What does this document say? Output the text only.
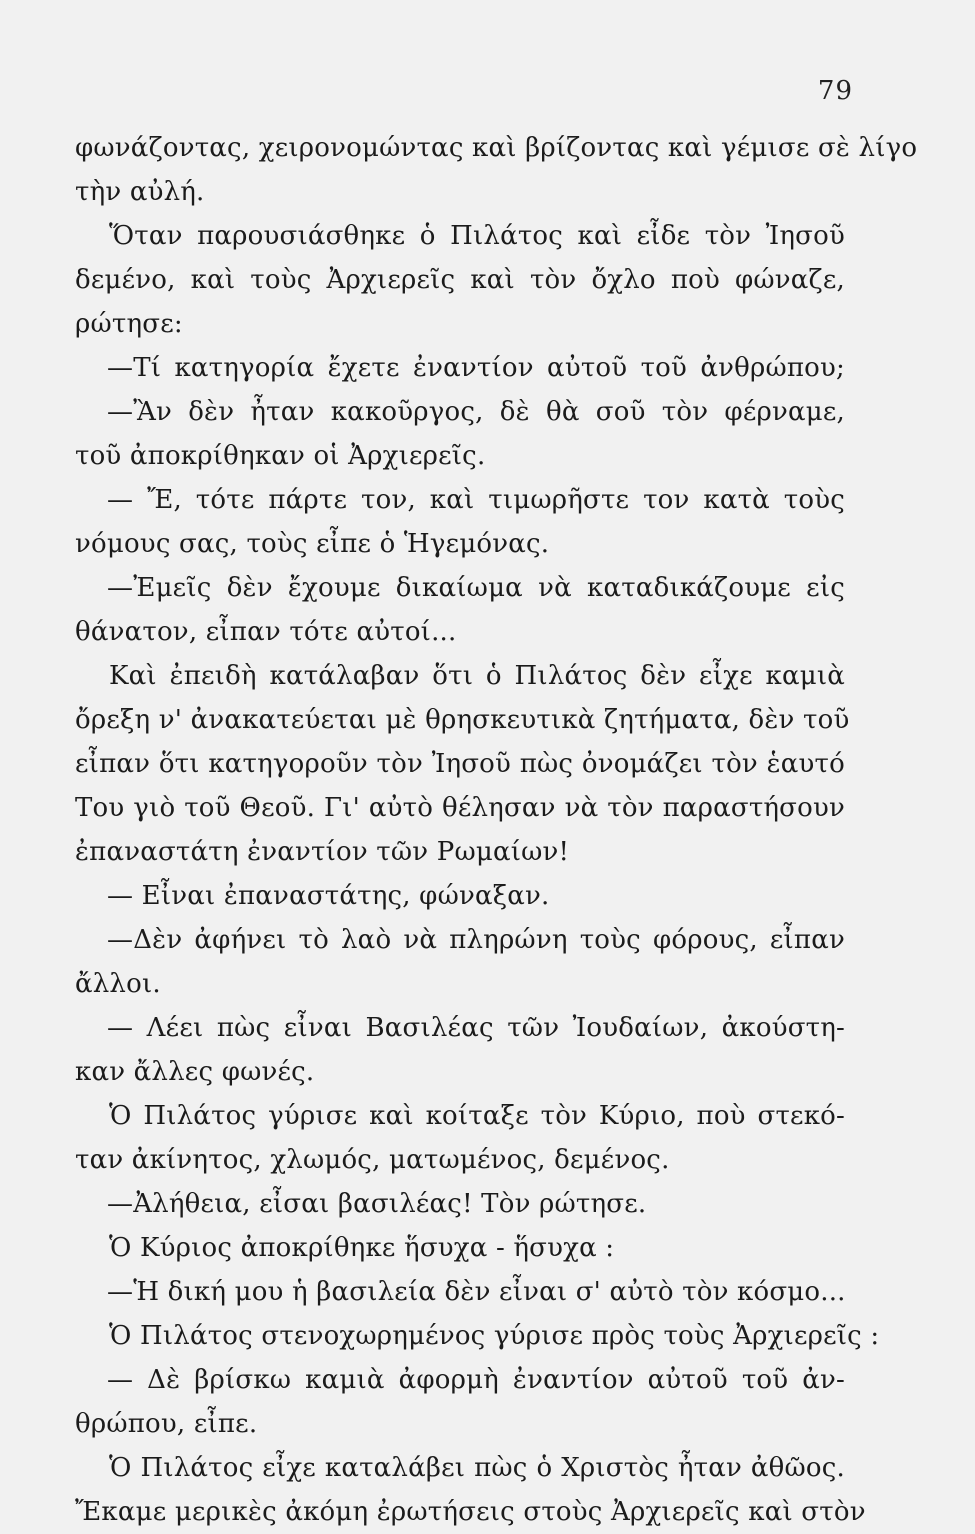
79
φωνάζοντας, χειρονομώντας καὶ βρίζοντας καὶ γέμισε σὲ λίγο
τὴν αὐλή.
Ὅταν παρουσιάσθηκε ὁ Πιλάτος καὶ εἶδε τὸν Ἰησοῦ
δεμένο, καὶ τοὺς Ἀρχιερεῖς καὶ τὸν ὄχλο ποὺ φώναζε,
ρώτησε:
—Τί κατηγορία ἔχετε ἐναντίον αὐτοῦ τοῦ ἀνθρώπου;
—Ἂν δὲν ἦταν κακοῦργος, δὲ θὰ σοῦ τὸν φέρναμε,
τοῦ ἀποκρίθηκαν οἱ Ἀρχιερεῖς.
— Ἔ, τότε πάρτε τον, καὶ τιμωρῆστε τον κατὰ τοὺς
νόμους σας, τοὺς εἶπε ὁ Ἡγεμόνας.
—Ἐμεῖς δὲν ἔχουμε δικαίωμα νὰ καταδικάζουμε εἰς
θάνατον, εἶπαν τότε αὐτοί...
Καὶ ἐπειδὴ κατάλαβαν ὅτι ὁ Πιλάτος δὲν εἶχε καμιὰ
ὄρεξη ν' ἀνακατεύεται μὲ θρησκευτικὰ ζητήματα, δὲν τοῦ
εἶπαν ὅτι κατηγοροῦν τὸν Ἰησοῦ πὼς ὀνομάζει τὸν ἑαυτό
Του γιὸ τοῦ Θεοῦ. Γι' αὐτὸ θέλησαν νὰ τὸν παραστήσουν
ἐπαναστάτη ἐναντίον τῶν Ρωμαίων!
— Εἶναι ἐπαναστάτης, φώναξαν.
—Δὲν ἀφήνει τὸ λαὸ νὰ πληρώνη τοὺς φόρους, εἶπαν
ἄλλοι.
— Λέει πὼς εἶναι Βασιλέας τῶν Ἰουδαίων, ἀκούστη-
καν ἄλλες φωνές.
Ὁ Πιλάτος γύρισε καὶ κοίταξε τὸν Κύριο, ποὺ στεκό-
ταν ἀκίνητος, χλωμός, ματωμένος, δεμένος.
—Ἀλήθεια, εἶσαι βασιλέας! Τὸν ρώτησε.
Ὁ Κύριος ἀποκρίθηκε ἥσυχα - ἥσυχα :
—Ἡ δική μου ἡ βασιλεία δὲν εἶναι σ' αὐτὸ τὸν κόσμο...
Ὁ Πιλάτος στενοχωρημένος γύρισε πρὸς τοὺς Ἀρχιερεῖς :
— Δὲ βρίσκω καμιὰ ἀφορμὴ ἐναντίον αὐτοῦ τοῦ ἀν-
θρώπου, εἶπε.
Ὁ Πιλάτος εἶχε καταλάβει πὼς ὁ Χριστὸς ἦταν ἀθῶος.
Ἔκαμε μερικὲς ἀκόμη ἐρωτήσεις στοὺς Ἀρχιερεῖς καὶ στὸν
